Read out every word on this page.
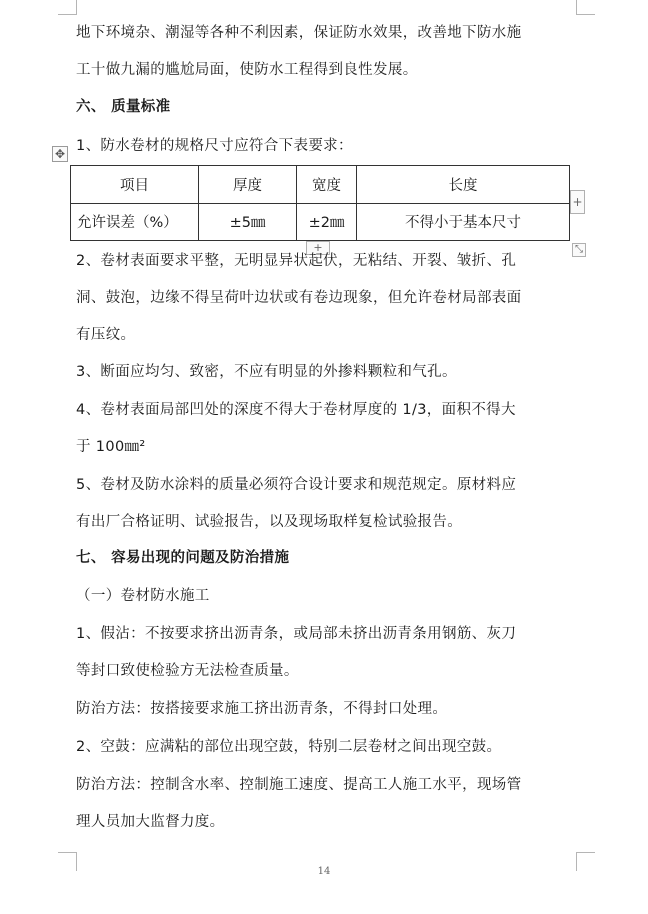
地下环境杂、潮湿等各种不利因素，保证防水效果，改善地下防水施
工十做九漏的尴尬局面，使防水工程得到良性发展。
六、 质量标准
1、防水卷材的规格尺寸应符合下表要求：
✥
项目	厚度	宽度	长度
允许误差（%）	±5㎜	±2㎜	不得小于基本尺寸
+
+	⤡
2、卷材表面要求平整，无明显异状起伏，无粘结、开裂、皱折、孔
洞、鼓泡，边缘不得呈荷叶边状或有卷边现象，但允许卷材局部表面
有压纹。
3、断面应均匀、致密，不应有明显的外掺料颗粒和气孔。
4、卷材表面局部凹处的深度不得大于卷材厚度的 1/3，面积不得大
于 100㎜²
5、卷材及防水涂料的质量必须符合设计要求和规范规定。原材料应
有出厂合格证明、试验报告，以及现场取样复检试验报告。
七、 容易出现的问题及防治措施
（一）卷材防水施工
1、假沾：不按要求挤出沥青条，或局部未挤出沥青条用钢筋、灰刀
等封口致使检验方无法检查质量。
防治方法：按搭接要求施工挤出沥青条，不得封口处理。
2、空鼓：应满粘的部位出现空鼓，特别二层卷材之间出现空鼓。
防治方法：控制含水率、控制施工速度、提高工人施工水平，现场管
理人员加大监督力度。
14
